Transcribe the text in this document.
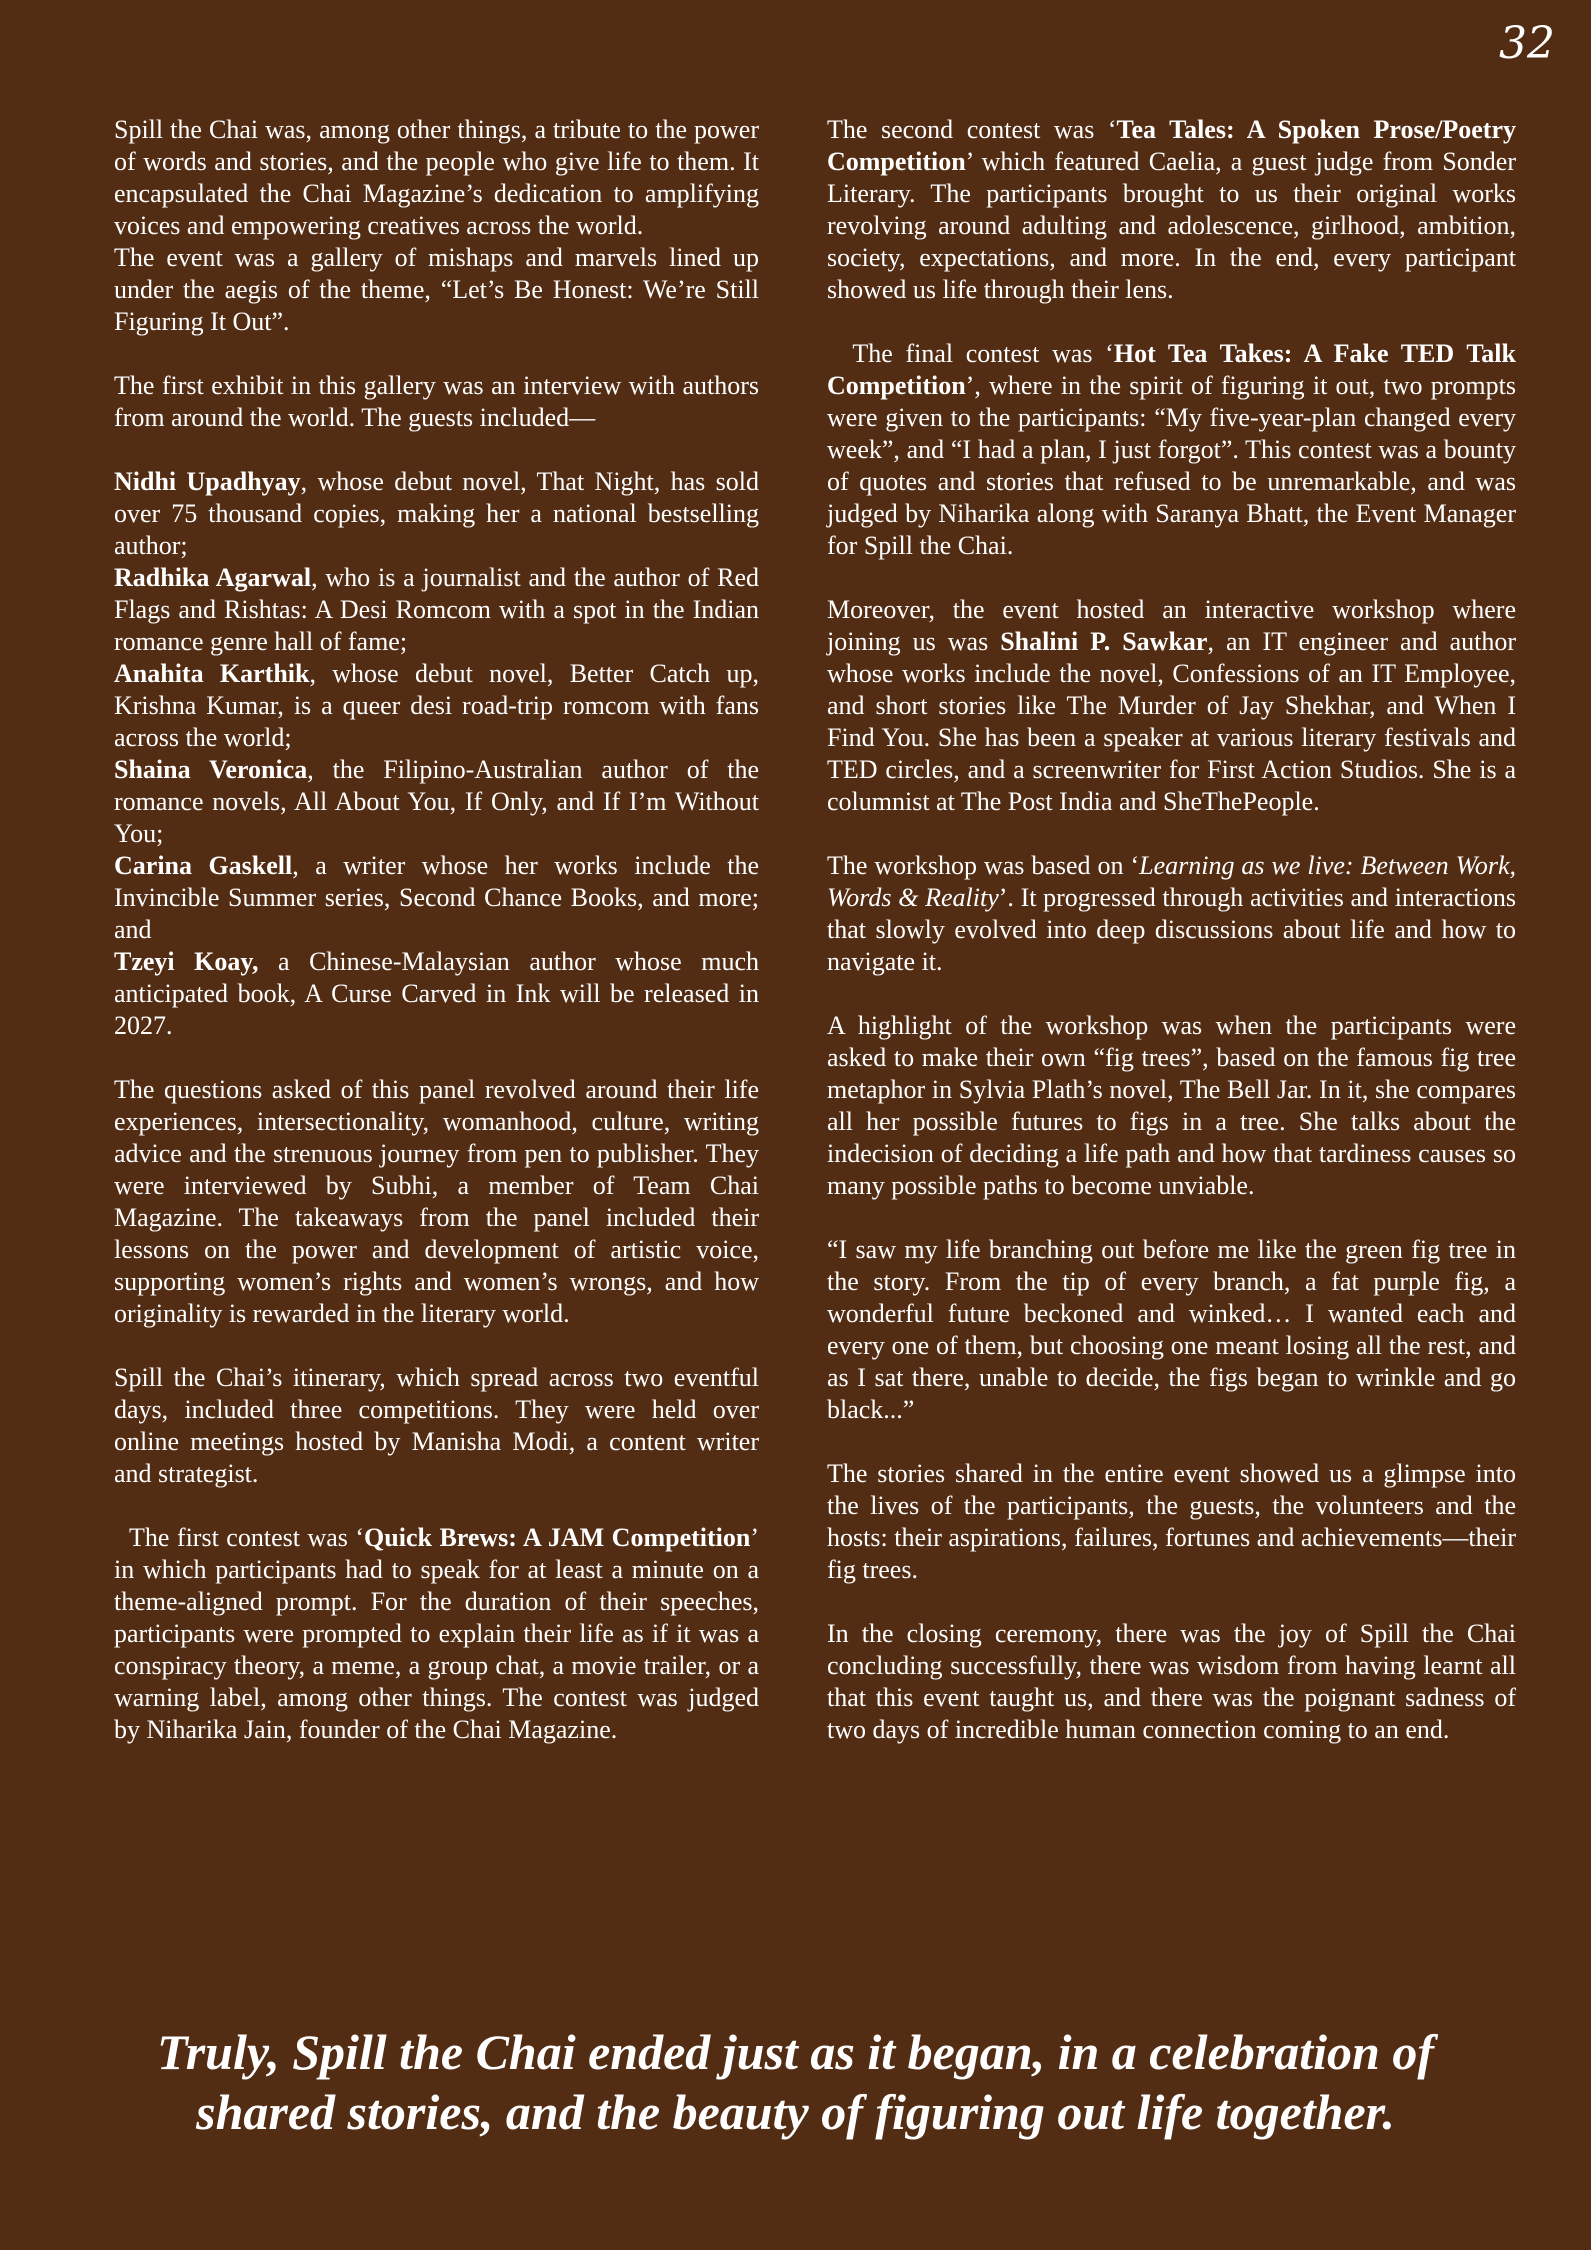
32

Spill the Chai was, among other things, a tribute to the power of words and stories, and the people who give life to them. It encapsulated the Chai Magazine’s dedication to amplifying voices and empowering creatives across the world.

The event was a gallery of mishaps and marvels lined up under the aegis of the theme, “Let’s Be Honest: We’re Still Figuring It Out”.

The first exhibit in this gallery was an interview with authors from around the world. The guests included—

Nidhi Upadhyay, whose debut novel, That Night, has sold over 75 thousand copies, making her a national bestselling author;

Radhika Agarwal, who is a journalist and the author of Red Flags and Rishtas: A Desi Romcom with a spot in the Indian romance genre hall of fame;

Anahita Karthik, whose debut novel, Better Catch up, Krishna Kumar, is a queer desi road-trip romcom with fans across the world;

Shaina Veronica, the Filipino-Australian author of the romance novels, All About You, If Only, and If I’m Without You;

Carina Gaskell, a writer whose her works include the Invincible Summer series, Second Chance Books, and more; and

Tzeyi Koay, a Chinese-Malaysian author whose much anticipated book, A Curse Carved in Ink will be released in 2027.

The questions asked of this panel revolved around their life experiences, intersectionality, womanhood, culture, writing advice and the strenuous journey from pen to publisher. They were interviewed by Subhi, a member of Team Chai Magazine. The takeaways from the panel included their lessons on the power and development of artistic voice, supporting women’s rights and women’s wrongs, and how originality is rewarded in the literary world.

Spill the Chai’s itinerary, which spread across two eventful days, included three competitions. They were held over online meetings hosted by Manisha Modi, a content writer and strategist.

The first contest was ‘Quick Brews: A JAM Competition’ in which participants had to speak for at least a minute on a theme-aligned prompt. For the duration of their speeches, participants were prompted to explain their life as if it was a conspiracy theory, a meme, a group chat, a movie trailer, or a warning label, among other things. The contest was judged by Niharika Jain, founder of the Chai Magazine.

The second contest was ‘Tea Tales: A Spoken Prose/Poetry Competition’ which featured Caelia, a guest judge from Sonder Literary. The participants brought to us their original works revolving around adulting and adolescence, girlhood, ambition, society, expectations, and more. In the end, every participant showed us life through their lens.

The final contest was ‘Hot Tea Takes: A Fake TED Talk Competition’, where in the spirit of figuring it out, two prompts were given to the participants: “My five-year-plan changed every week”, and “I had a plan, I just forgot”. This contest was a bounty of quotes and stories that refused to be unremarkable, and was judged by Niharika along with Saranya Bhatt, the Event Manager for Spill the Chai.

Moreover, the event hosted an interactive workshop where joining us was Shalini P. Sawkar, an IT engineer and author whose works include the novel, Confessions of an IT Employee, and short stories like The Murder of Jay Shekhar, and When I Find You. She has been a speaker at various literary festivals and TED circles, and a screenwriter for First Action Studios. She is a columnist at The Post India and SheThePeople.

The workshop was based on ‘Learning as we live: Between Work, Words & Reality’. It progressed through activities and interactions that slowly evolved into deep discussions about life and how to navigate it.

A highlight of the workshop was when the participants were asked to make their own “fig trees”, based on the famous fig tree metaphor in Sylvia Plath’s novel, The Bell Jar. In it, she compares all her possible futures to figs in a tree. She talks about the indecision of deciding a life path and how that tardiness causes so many possible paths to become unviable.

“I saw my life branching out before me like the green fig tree in the story. From the tip of every branch, a fat purple fig, a wonderful future beckoned and winked… I wanted each and every one of them, but choosing one meant losing all the rest, and as I sat there, unable to decide, the figs began to wrinkle and go black...”

The stories shared in the entire event showed us a glimpse into the lives of the participants, the guests, the volunteers and the hosts: their aspirations, failures, fortunes and achievements—their fig trees.

In the closing ceremony, there was the joy of Spill the Chai concluding successfully, there was wisdom from having learnt all that this event taught us, and there was the poignant sadness of two days of incredible human connection coming to an end.

Truly, Spill the Chai ended just as it began, in a celebration of
shared stories, and the beauty of figuring out life together.
